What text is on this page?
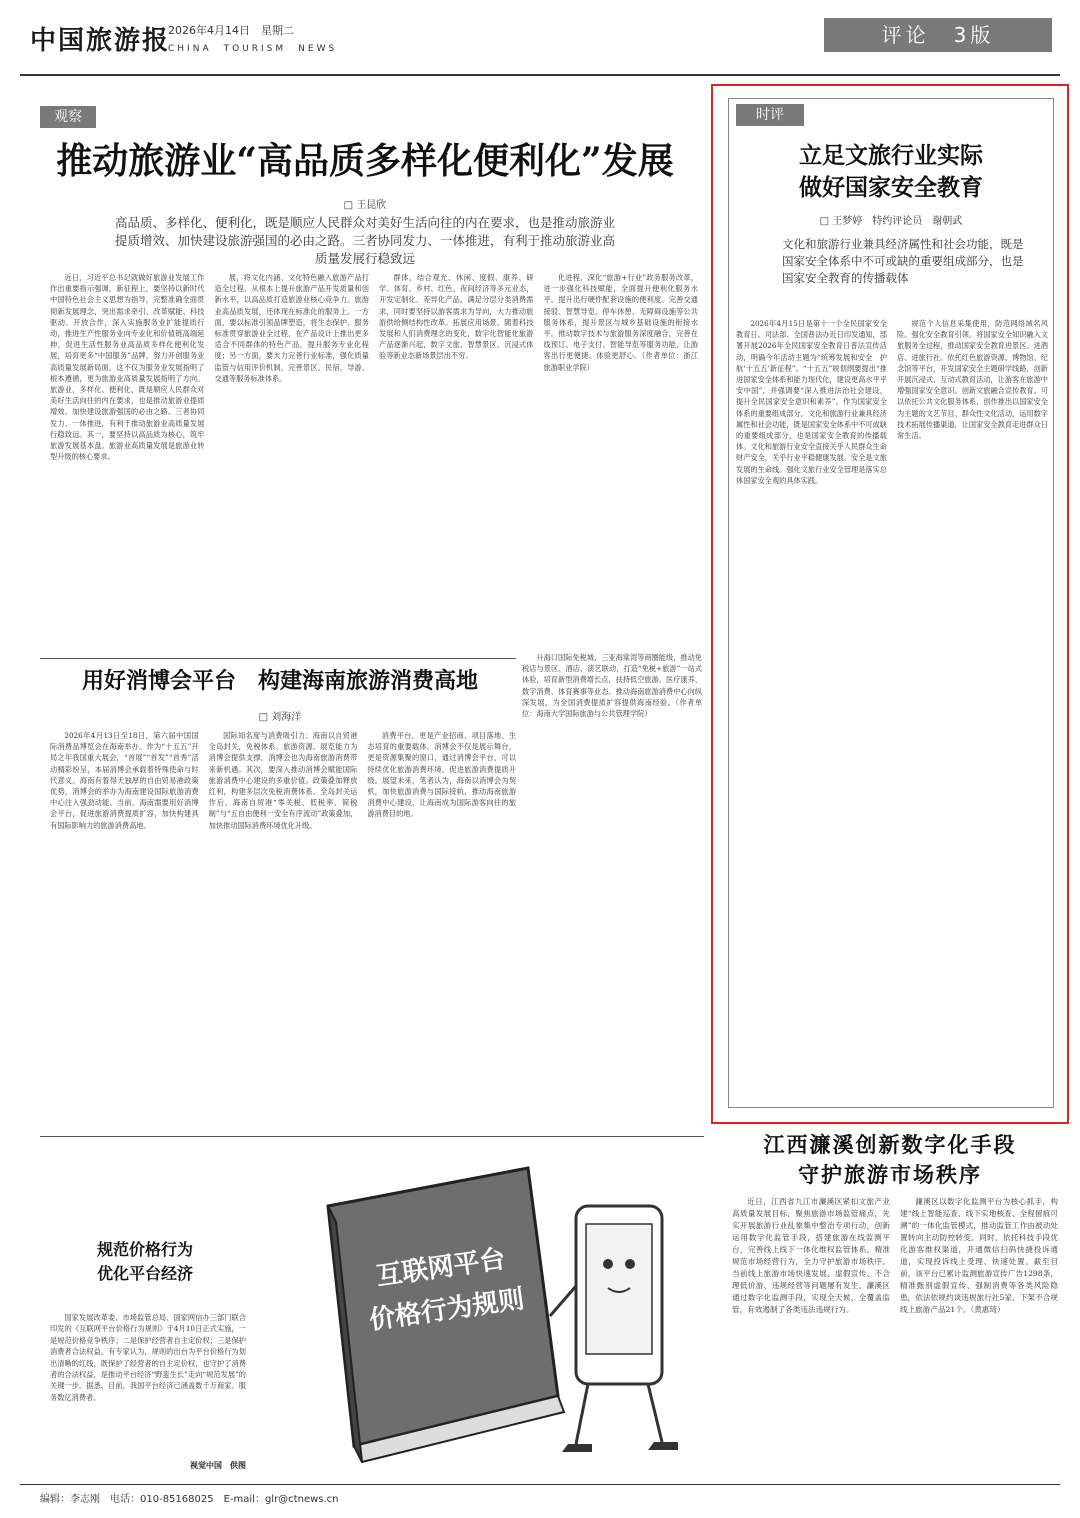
中国旅游报
2026年4月14日　星期二
CHINA　TOURISM　NEWS
评论　3版
观察
推动旅游业“高品质多样化便利化”发展
□ 王昆欣
高品质、多样化、便利化，既是顺应人民群众对美好生活向往的内在要求，也是推动旅游业提质增效、加快建设旅游强国的必由之路。三者协同发力、一体推进，有利于推动旅游业高质量发展行稳致远

近日，习近平总书记就做好旅游业发展工作作出重要指示强调，新征程上，要坚持以新时代中国特色社会主义思想为指导，完整准确全面贯彻新发展理念，突出需求牵引、改革赋能、科技驱动、开放合作，深入实施服务业扩能提质行动，推进生产性服务业向专业化和价值链高端延伸，促进生活性服务业高品质多样化便利化发展，培育更多“中国服务”品牌，努力开创服务业高质量发展新局面。这不仅为服务业发展指明了根本遵循，更为旅游业高质量发展指明了方向。旅游业，多样化、便利化，既是顺应人民群众对美好生活向往的内在要求，也是推动旅游业提质增效、加快建设旅游强国的必由之路。三者协同发力、一体推进，有利于推动旅游业高质量发展行稳致远。其一，要坚持以高品质为核心，筑牢旅游发展基本盘。旅游业高质量发展是旅游业转型升级的核心要求。

展，将文化内涵、文化特色融入旅游产品打造全过程，从根本上提升旅游产品开发质量和创新水平，以高品质打造旅游业核心竞争力。旅游业高品质发展，还体现在标准化的服务上。一方面，要以标准引领品牌塑造，将生态保护、服务标准贯穿旅游业全过程，在产品设计上推出更多适合不同群体的特色产品，提升服务专业化程度；另一方面，要大力完善行业标准，强化质量监管与信用评价机制，完善景区、民宿、导游、交通等服务标准体系。

群体，结合观光、休闲、度假、康养、研学、体育、乡村、红色、夜间经济等多元业态，开发定制化、差异化产品，满足分层分类消费需求，同时要坚持以游客需求为导向，大力推动旅游供给侧结构性改革。拓展应用场景。随着科技发展和人们消费理念的变化，数字化智能化旅游产品逐渐兴起，数字文旅、智慧景区、沉浸式体验等新业态新场景层出不穷。

化进程，深化“旅游+行业”政务服务改革，进一步强化科技赋能，全面提升便利化服务水平。提升出行硬件配套设施的便利度。完善交通接驳、智慧导览、停车休憩、无障碍设施等公共服务体系，提升景区与城乡基础设施的衔接水平。推动数字技术与旅游服务深度融合，完善在线预订、电子支付、智能导览等服务功能，让游客出行更便捷、体验更舒心。（作者单位：浙江旅游职业学院）

用好消博会平台　构建海南旅游消费高地
□ 刘海洋

2026年4月13日至18日，第六届中国国际消费品博览会在海南举办。作为“十五五”开局之年我国重大展会，“首展”“首发”“首秀”活动精彩纷呈，本届消博会承载着特殊使命与时代意义。海南有着得天独厚的自由贸易港政策优势，消博会的举办为海南建设国际旅游消费中心注入强劲动能。当前，海南需要用好消博会平台，促进旅游消费提质扩容，加快构建具有国际影响力的旅游消费高地。

国际知名度与消费吸引力；海南以自贸港全岛封关，免税体系、旅游资源、展览能力为消博会提供支撑，消博会也为海南旅游消费带来新机遇。其次，要深入推动消博会赋能国际旅游消费中心建设的多重价值。政策叠加释放红利，构建多层次免税消费体系。全岛封关运作后，海南自贸港“零关税、低税率、简税制”与“五自由便利一安全有序流动”政策叠加，加快推动国际消费环境优化升级。

消费平台，更是产业招商、项目落地、生态培育的重要载体。消博会不仅是展示舞台，更是资源集聚的窗口，通过消博会平台，可以持续优化旅游消费环境、促进旅游消费提质升级。展望未来，笔者认为，海南以消博会为契机，加快旅游消费与国际接轨，推动海南旅游消费中心建设，让海南成为国际游客向往的旅游消费目的地。

升海口国际免税城、三亚海棠湾等商圈能级，推动免税店与景区、酒店、演艺联动，打造“免税+旅游”一站式体验，培育新型消费增长点，扶持低空旅游、医疗康养、数字消费、体育赛事等业态。推动海南旅游消费中心向纵深发展，为全国消费提质扩容提供海南经验。（作者单位：海南大学国际旅游与公共管理学院）

时评
立足文旅行业实际
做好国家安全教育
□ 王梦婷　特约评论员　谢朝武
文化和旅游行业兼具经济属性和社会功能，既是国家安全体系中不可或缺的重要组成部分，也是国家安全教育的传播载体

2026年4月15日是第十一个全民国家安全教育日。司法部、全国普法办近日印发通知，部署开展2026年全民国家安全教育日普法宣传活动，明确今年活动主题为“统筹发展和安全　护航‘十五五’新征程”。“十五五”规划纲要提出“推进国家安全体系和能力现代化，建设更高水平平安中国”，并强调要“深入推进法治社会建设，提升全民国家安全意识和素养”。作为国家安全体系的重要组成部分，文化和旅游行业兼具经济属性和社会功能，既是国家安全体系中不可或缺的重要组成部分，也是国家安全教育的传播载体。文化和旅游行业安全直接关乎人民群众生命财产安全，关乎行业平稳健康发展。安全是文旅发展的生命线。强化文旅行业安全管理是落实总体国家安全观的具体实践。

规范个人信息采集使用，防范网络域名风险。强化安全教育引领。将国家安全知识融入文旅服务全过程，推动国家安全教育进景区、进酒店、进旅行社。依托红色旅游资源、博物馆、纪念馆等平台，开发国家安全主题研学线路，创新开展沉浸式、互动式教育活动，让游客在旅游中增强国家安全意识。创新文旅融合宣传教育。可以依托公共文化服务体系，创作推出以国家安全为主题的文艺节目、群众性文化活动，运用数字技术拓展传播渠道，让国家安全教育走进群众日常生活。

江西濂溪创新数字化手段
守护旅游市场秩序

近日，江西省九江市濂溪区紧扣文旅产业高质量发展目标，聚焦旅游市场监管痛点，先实开展旅游行业乱象集中整治专项行动，创新运用数字化监管手段，搭建旅游在线监测平台，完善线上线下一体化维权监管体系，精准规范市场经营行为，全力守护旅游市场秩序。当前线上旅游市场快速发展，虚假宣传、不合理低价游、违规经营等问题屡有发生。濂溪区通过数字化监测手段，实现全天候、全覆盖监管，有效遏制了各类违法违规行为。

濂溪区以数字化监测平台为核心抓手，构建“线上智能巡查、线下实地核查、全程留痕可溯”的一体化监管模式，推动监管工作由被动处置转向主动防控转变。同时，依托科技手段优化游客维权渠道，开通微信扫码快捷投诉通道，实现投诉线上受理、快速处置。截至目前，该平台已累计监测旅游宣传广告1298条，精准甄别虚假宣传、强制消费等各类风险隐患，依法依规约谈违规旅行社5家、下架不合规线上旅游产品21个。（黄惠琦）

规范价格行为
优化平台经济

国家发展改革委、市场监管总局、国家网信办三部门联合印发的《互联网平台价格行为规则》于4月10日正式实施，一是规范价格竞争秩序；二是保护经营者自主定价权；三是保护消费者合法权益。有专家认为，规则的出台为平台价格行为划出清晰的红线，既保护了经营者的自主定价权，也守护了消费者的合法权益，是推动平台经济“野蛮生长”走向“规范发展”的关键一步。据悉，目前，我国平台经济已涵盖数千万商家、服务数亿消费者。

视觉中国　供图
互联网平台
价格行为规则
编辑：李志刚　电话：010-85168025　E-mail：glr@ctnews.cn
